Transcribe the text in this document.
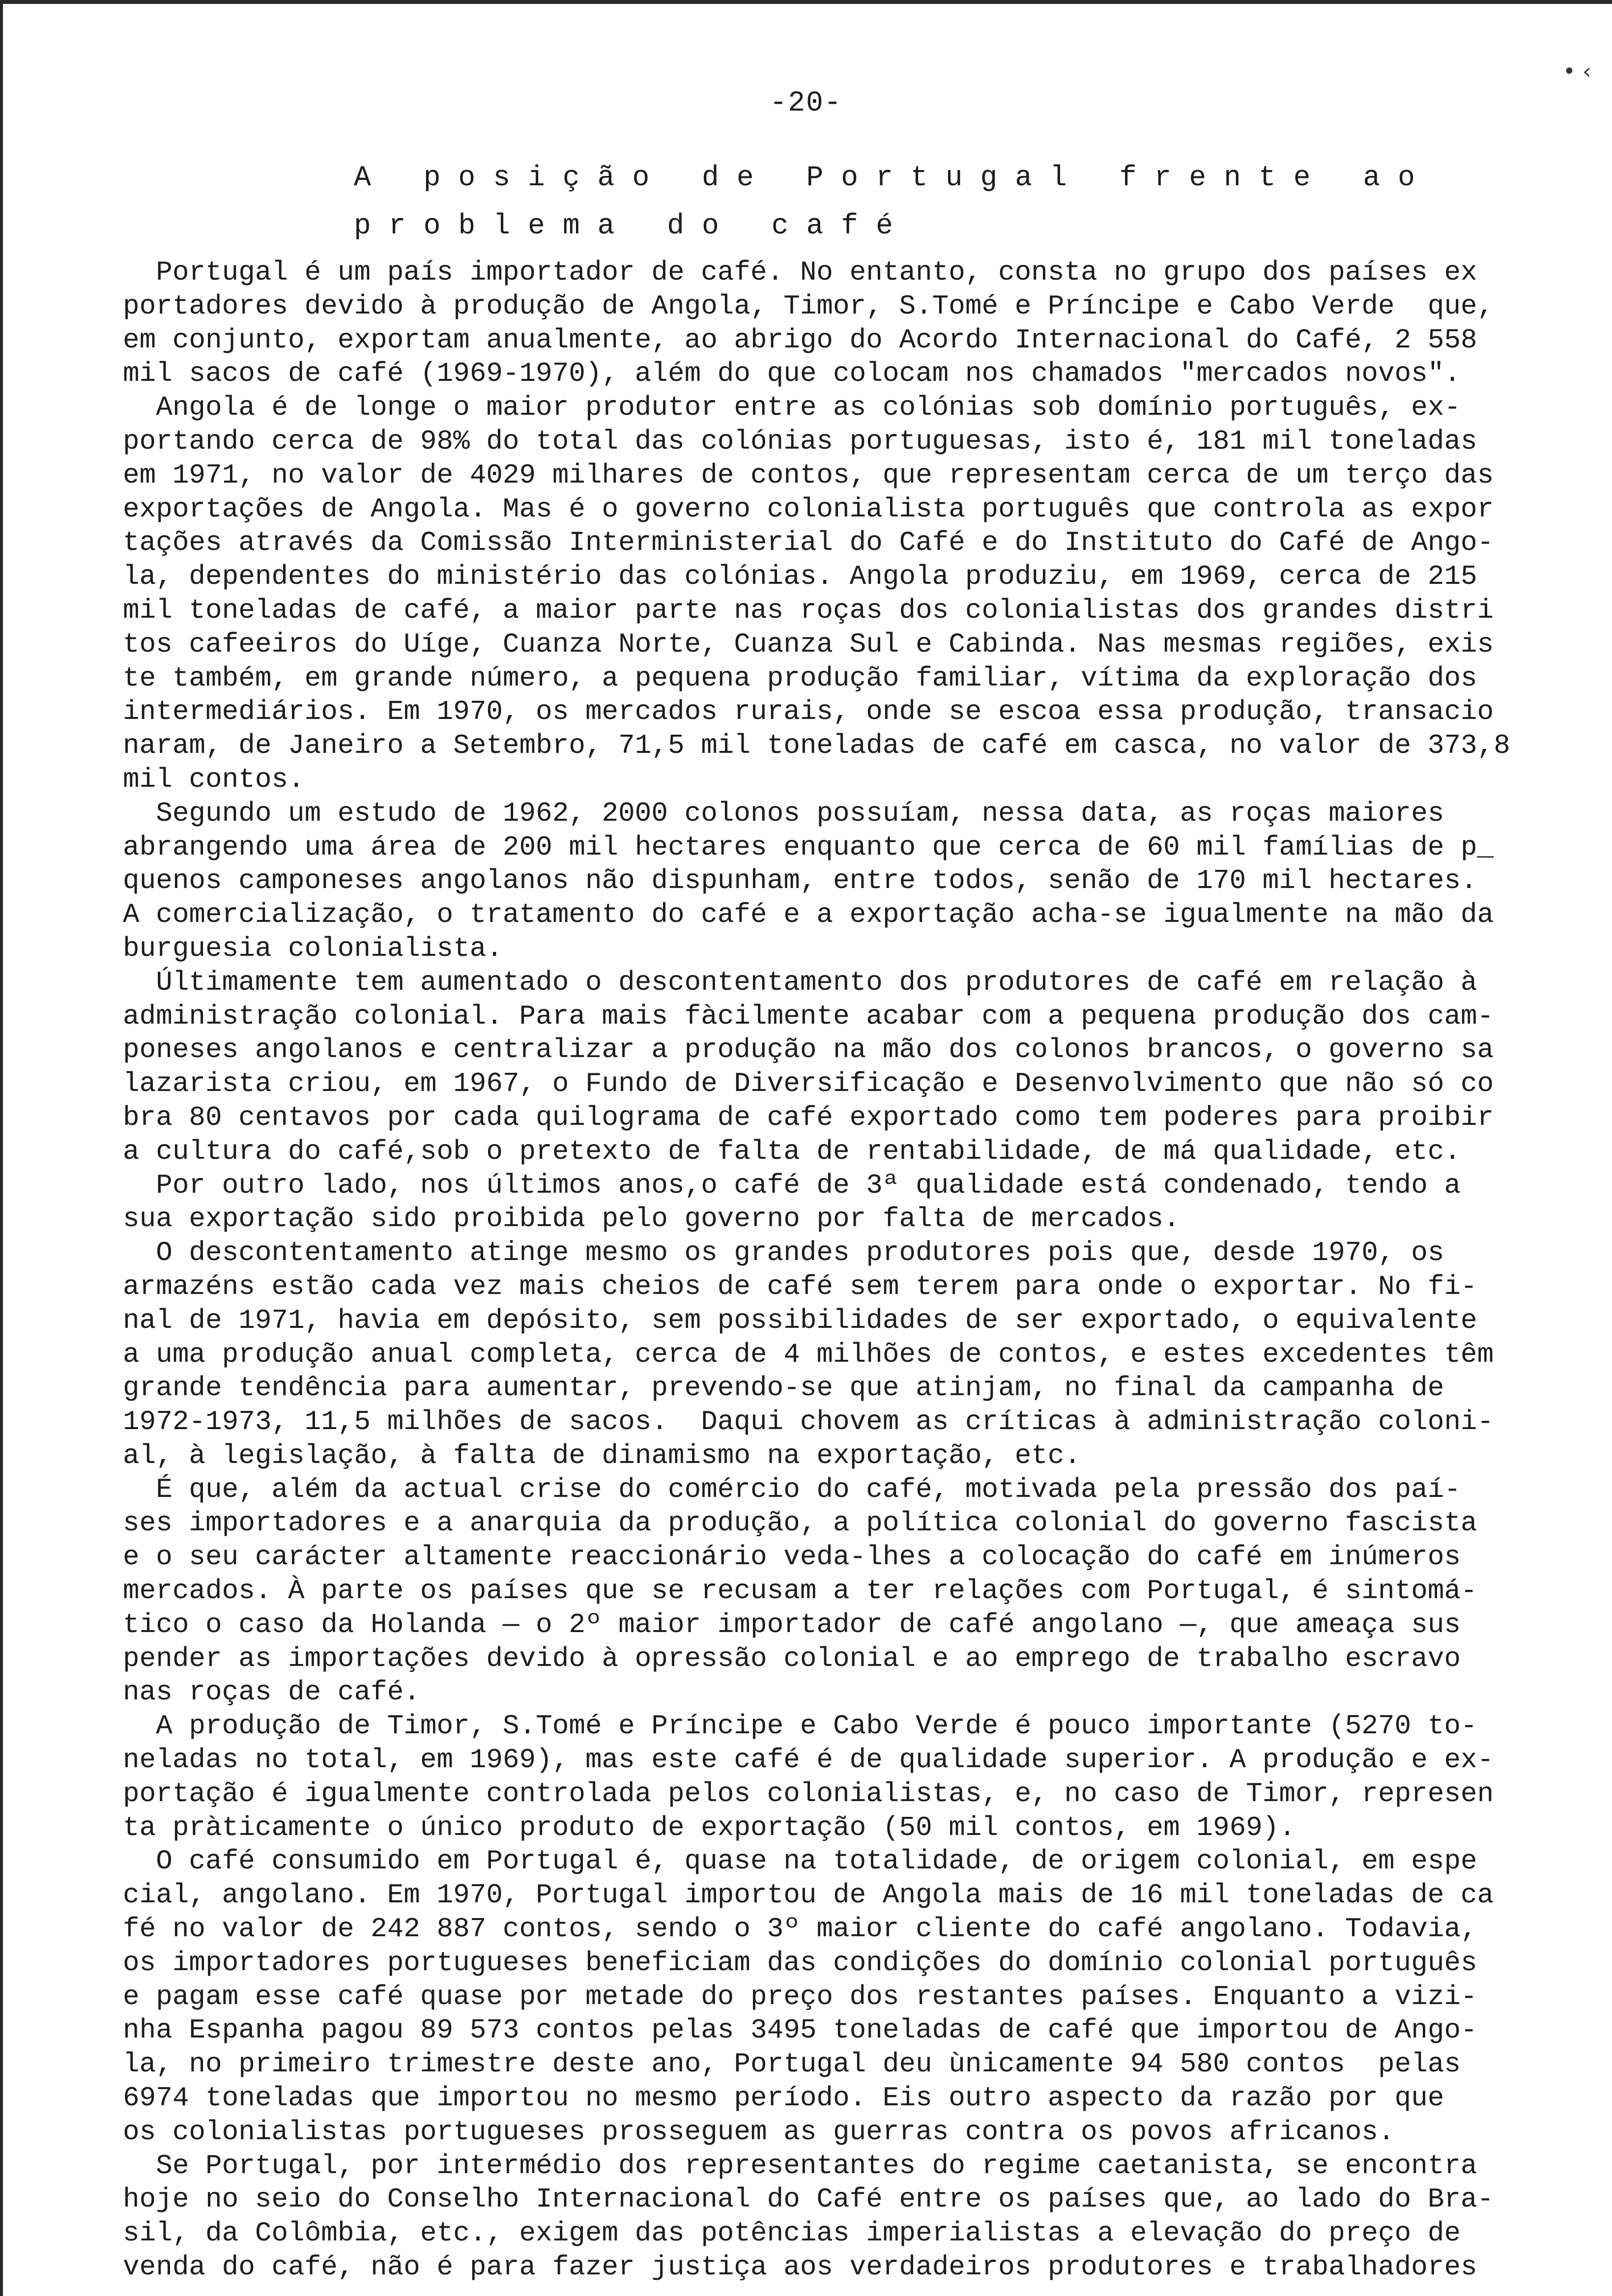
-20-
A posição de Portugal frente ao
problema do café
Portugal é um país importador de café. No entanto, consta no grupo dos países ex
portadores devido à produção de Angola, Timor, S.Tomé e Príncipe e Cabo Verde  que,
em conjunto, exportam anualmente, ao abrigo do Acordo Internacional do Café, 2 558
mil sacos de café (1969-1970), além do que colocam nos chamados "mercados novos".
Angola é de longe o maior produtor entre as colónias sob domínio português, ex-
portando cerca de 98% do total das colónias portuguesas, isto é, 181 mil toneladas
em 1971, no valor de 4029 milhares de contos, que representam cerca de um terço das
exportações de Angola. Mas é o governo colonialista português que controla as expor
tações através da Comissão Interministerial do Café e do Instituto do Café de Ango-
la, dependentes do ministério das colónias. Angola produziu, em 1969, cerca de 215
mil toneladas de café, a maior parte nas roças dos colonialistas dos grandes distri
tos cafeeiros do Uíge, Cuanza Norte, Cuanza Sul e Cabinda. Nas mesmas regiões, exis
te também, em grande número, a pequena produção familiar, vítima da exploração dos
intermediários. Em 1970, os mercados rurais, onde se escoa essa produção, transacio
naram, de Janeiro a Setembro, 71,5 mil toneladas de café em casca, no valor de 373,8
mil contos.
Segundo um estudo de 1962, 2000 colonos possuíam, nessa data, as roças maiores
abrangendo uma área de 200 mil hectares enquanto que cerca de 60 mil famílias de p_
quenos camponeses angolanos não dispunham, entre todos, senão de 170 mil hectares.
A comercialização, o tratamento do café e a exportação acha-se igualmente na mão da
burguesia colonialista.
Últimamente tem aumentado o descontentamento dos produtores de café em relação à
administração colonial. Para mais fàcilmente acabar com a pequena produção dos cam-
poneses angolanos e centralizar a produção na mão dos colonos brancos, o governo sa
lazarista criou, em 1967, o Fundo de Diversificação e Desenvolvimento que não só co
bra 80 centavos por cada quilograma de café exportado como tem poderes para proibir
a cultura do café,sob o pretexto de falta de rentabilidade, de má qualidade, etc.
Por outro lado, nos últimos anos,o café de 3ª qualidade está condenado, tendo a
sua exportação sido proibida pelo governo por falta de mercados.
O descontentamento atinge mesmo os grandes produtores pois que, desde 1970, os
armazéns estão cada vez mais cheios de café sem terem para onde o exportar. No fi-
nal de 1971, havia em depósito, sem possibilidades de ser exportado, o equivalente
a uma produção anual completa, cerca de 4 milhões de contos, e estes excedentes têm
grande tendência para aumentar, prevendo-se que atinjam, no final da campanha de
1972-1973, 11,5 milhões de sacos.  Daqui chovem as críticas à administração coloni-
al, à legislação, à falta de dinamismo na exportação, etc.
É que, além da actual crise do comércio do café, motivada pela pressão dos paí-
ses importadores e a anarquia da produção, a política colonial do governo fascista
e o seu carácter altamente reaccionário veda-lhes a colocação do café em inúmeros
mercados. À parte os países que se recusam a ter relações com Portugal, é sintomá-
tico o caso da Holanda — o 2º maior importador de café angolano —, que ameaça sus
pender as importações devido à opressão colonial e ao emprego de trabalho escravo
nas roças de café.
A produção de Timor, S.Tomé e Príncipe e Cabo Verde é pouco importante (5270 to-
neladas no total, em 1969), mas este café é de qualidade superior. A produção e ex-
portação é igualmente controlada pelos colonialistas, e, no caso de Timor, represen
ta pràticamente o único produto de exportação (50 mil contos, em 1969).
O café consumido em Portugal é, quase na totalidade, de origem colonial, em espe
cial, angolano. Em 1970, Portugal importou de Angola mais de 16 mil toneladas de ca
fé no valor de 242 887 contos, sendo o 3º maior cliente do café angolano. Todavia,
os importadores portugueses beneficiam das condições do domínio colonial português
e pagam esse café quase por metade do preço dos restantes países. Enquanto a vizi-
nha Espanha pagou 89 573 contos pelas 3495 toneladas de café que importou de Ango-
la, no primeiro trimestre deste ano, Portugal deu ùnicamente 94 580 contos  pelas
6974 toneladas que importou no mesmo período. Eis outro aspecto da razão por que
os colonialistas portugueses prosseguem as guerras contra os povos africanos.
Se Portugal, por intermédio dos representantes do regime caetanista, se encontra
hoje no seio do Conselho Internacional do Café entre os países que, ao lado do Bra-
sil, da Colômbia, etc., exigem das potências imperialistas a elevação do preço de
venda do café, não é para fazer justiça aos verdadeiros produtores e trabalhadores
• ‹
